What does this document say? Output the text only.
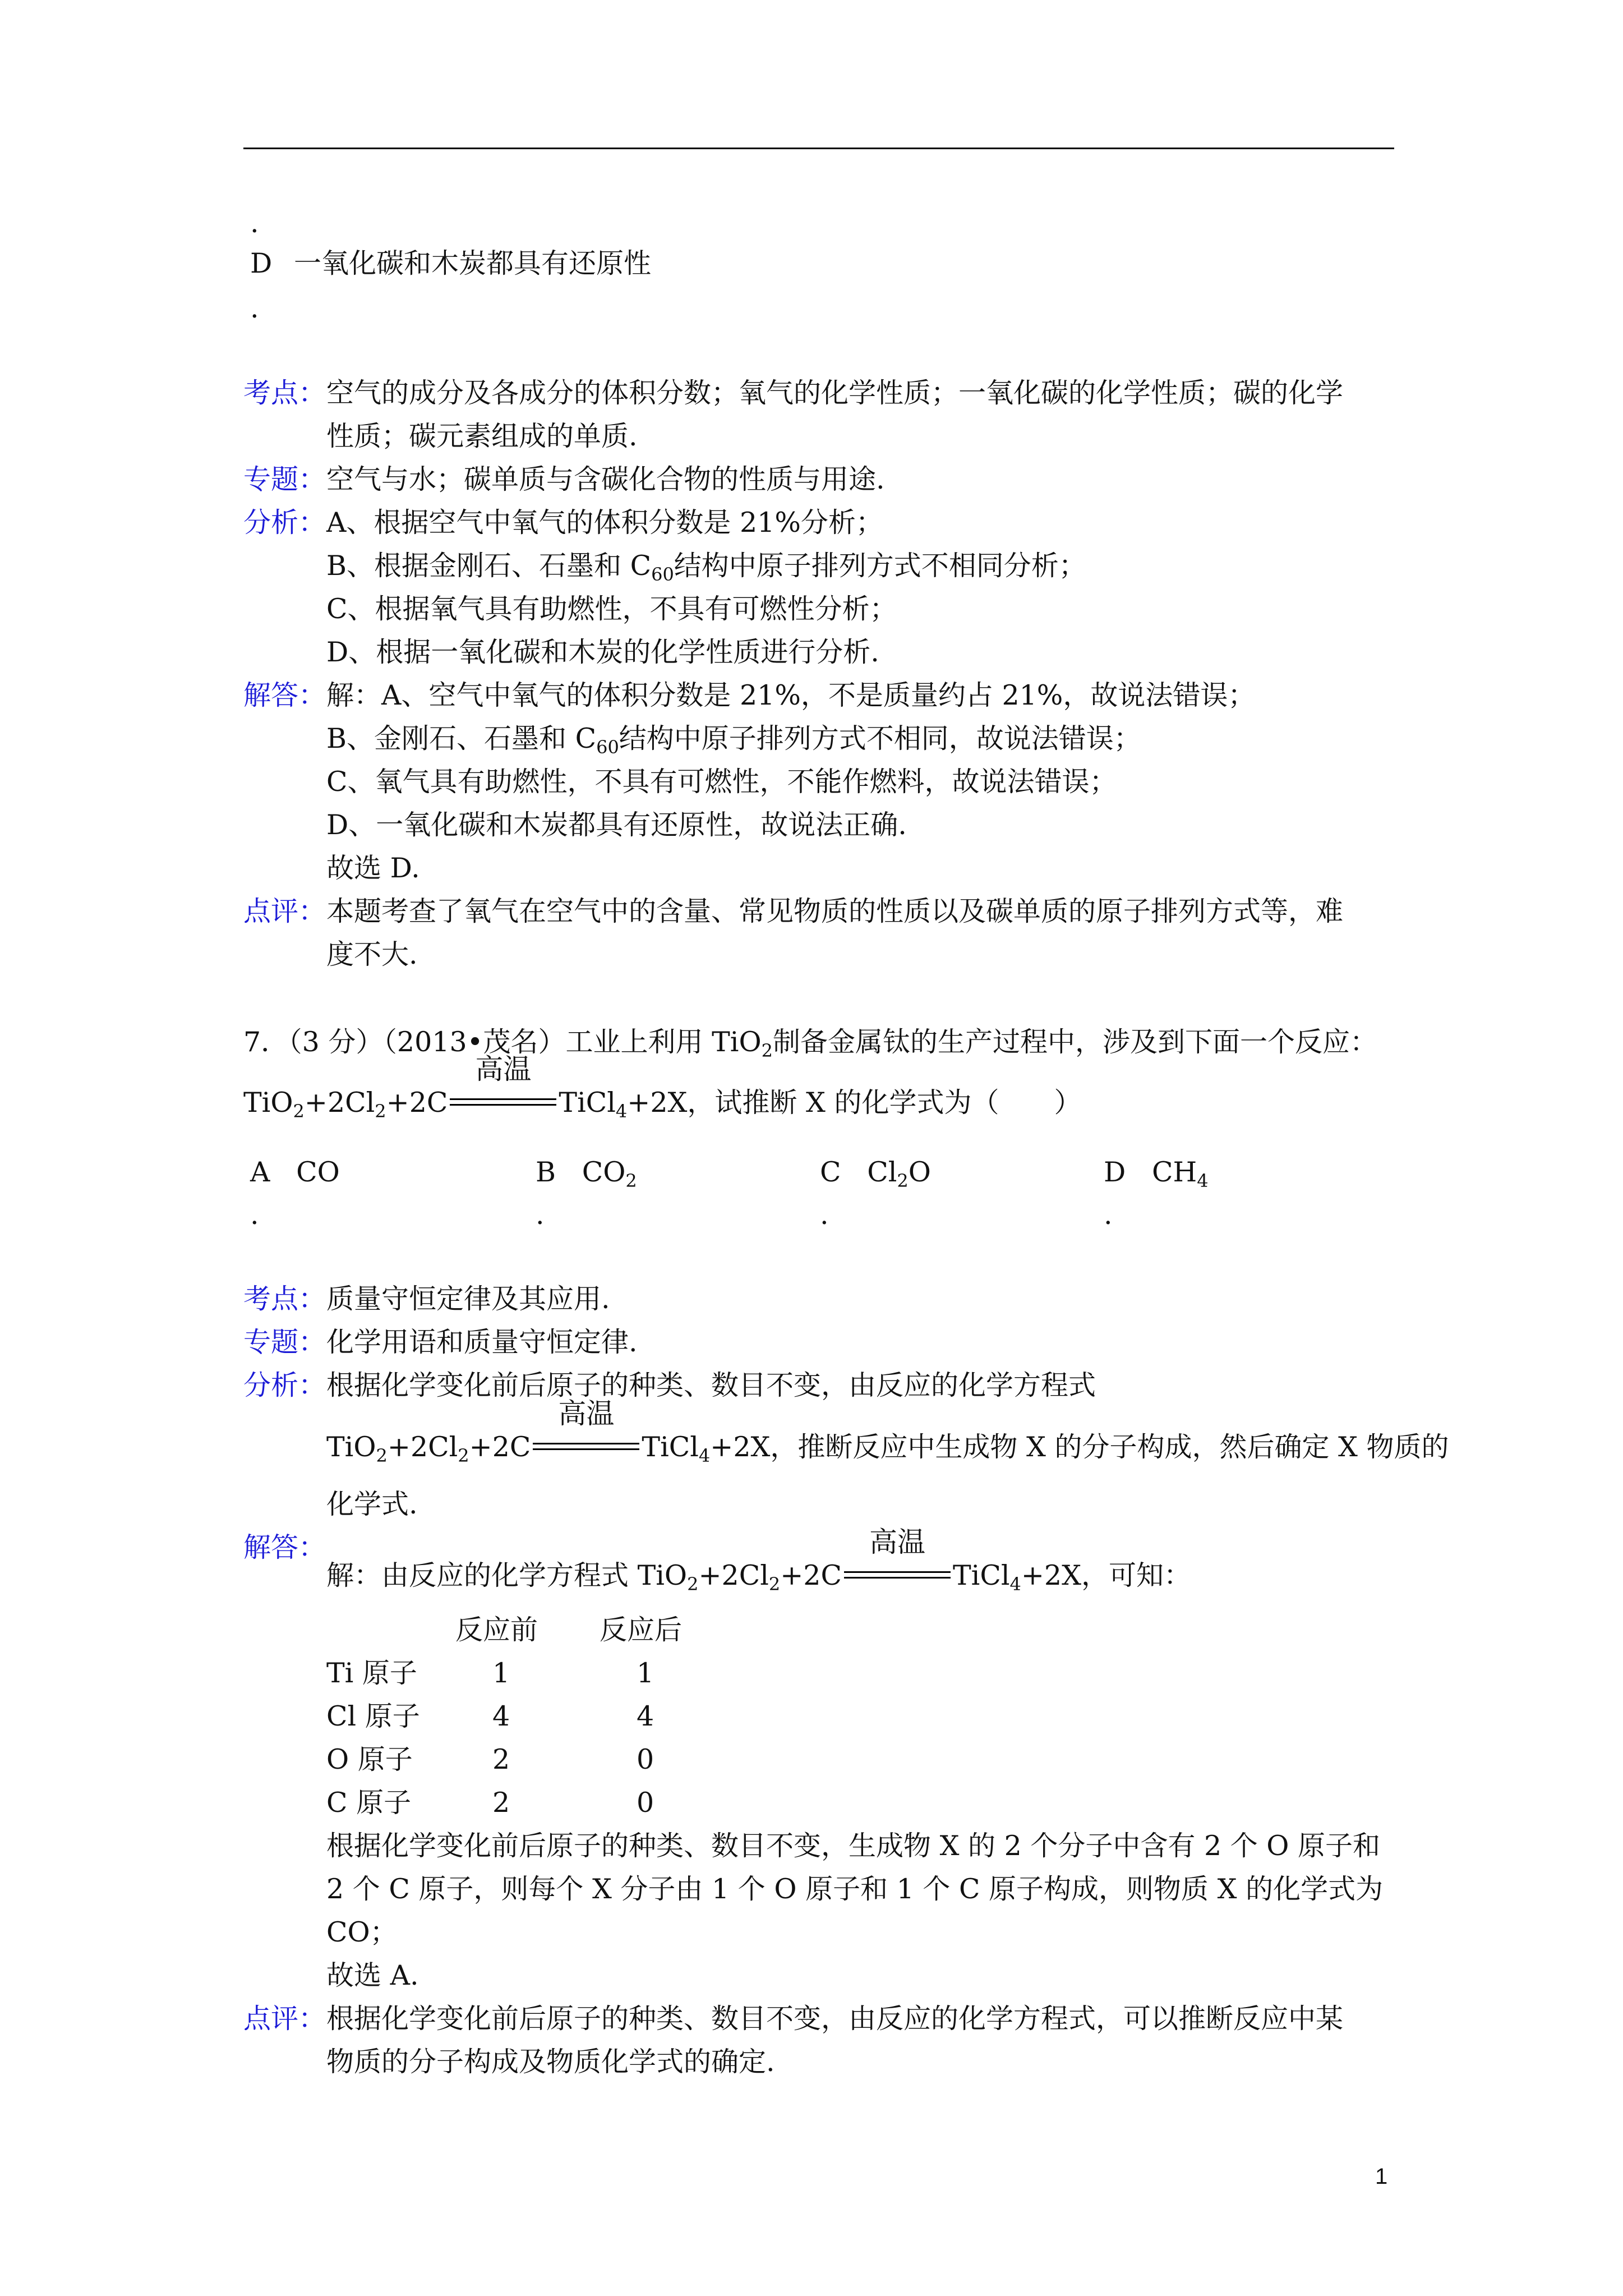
.
D 一氧化碳和木炭都具有还原性
.
考点： 空气的成分及各成分的体积分数；氧气的化学性质；一氧化碳的化学性质；碳的化学
性质；碳元素组成的单质.
专题： 空气与水；碳单质与含碳化合物的性质与用途.
分析： A、根据空气中氧气的体积分数是 21%分析；
B、根据金刚石、石墨和 $C_{60}$结构中原子排列方式不相同分析；
C、根据氧气具有助燃性，不具有可燃性分析；
D、根据一氧化碳和木炭的化学性质进行分析.
解答： 解：A、空气中氧气的体积分数是 21%，不是质量约占 21%，故说法错误；
B、金刚石、石墨和 $C_{60}$结构中原子排列方式不相同，故说法错误；
C、氧气具有助燃性，不具有可燃性，不能作燃料，故说法错误；
D、一氧化碳和木炭都具有还原性，故说法正确.
故选 D.
点评： 本题考查了氧气在空气中的含量、常见物质的性质以及碳单质的原子排列方式等，难
度不大.
7．（3 分）（2013•茂名）工业上利用 TiO$_2$制备金属钛的生产过程中，涉及到下面一个反应：
$TiO_2+2Cl_2+2C$
高温
TiCl$_4$+2X，试推断 X 的化学式为（　　）
A CO	B $CO_2$	C $Cl_2O$	D $CH_4$
.	.	.	.
考点： 质量守恒定律及其应用.
专题： 化学用语和质量守恒定律.
分析： 根据化学变化前后原子的种类、数目不变，由反应的化学方程式
$TiO_2+2Cl_2+2C$
高温
TiCl$_4$+2X，推断反应中生成物 X 的分子构成，然后确定 X 物质的
化学式.
解答：
解：由反应的化学方程式 $TiO_2+2Cl_2+2C$
高温
TiCl$_4$+2X，可知：
反应前 反应后
Ti 原子	1	1
Cl 原子	4	4
O 原子	2	0
C 原子	2	0
根据化学变化前后原子的种类、数目不变，生成物 X 的 2 个分子中含有 2 个 O 原子和
2 个 C 原子，则每个 X 分子由 1 个 O 原子和 1 个 C 原子构成，则物质 X 的化学式为
CO；
故选 A.
点评： 根据化学变化前后原子的种类、数目不变，由反应的化学方程式，可以推断反应中某
物质的分子构成及物质化学式的确定.
1
